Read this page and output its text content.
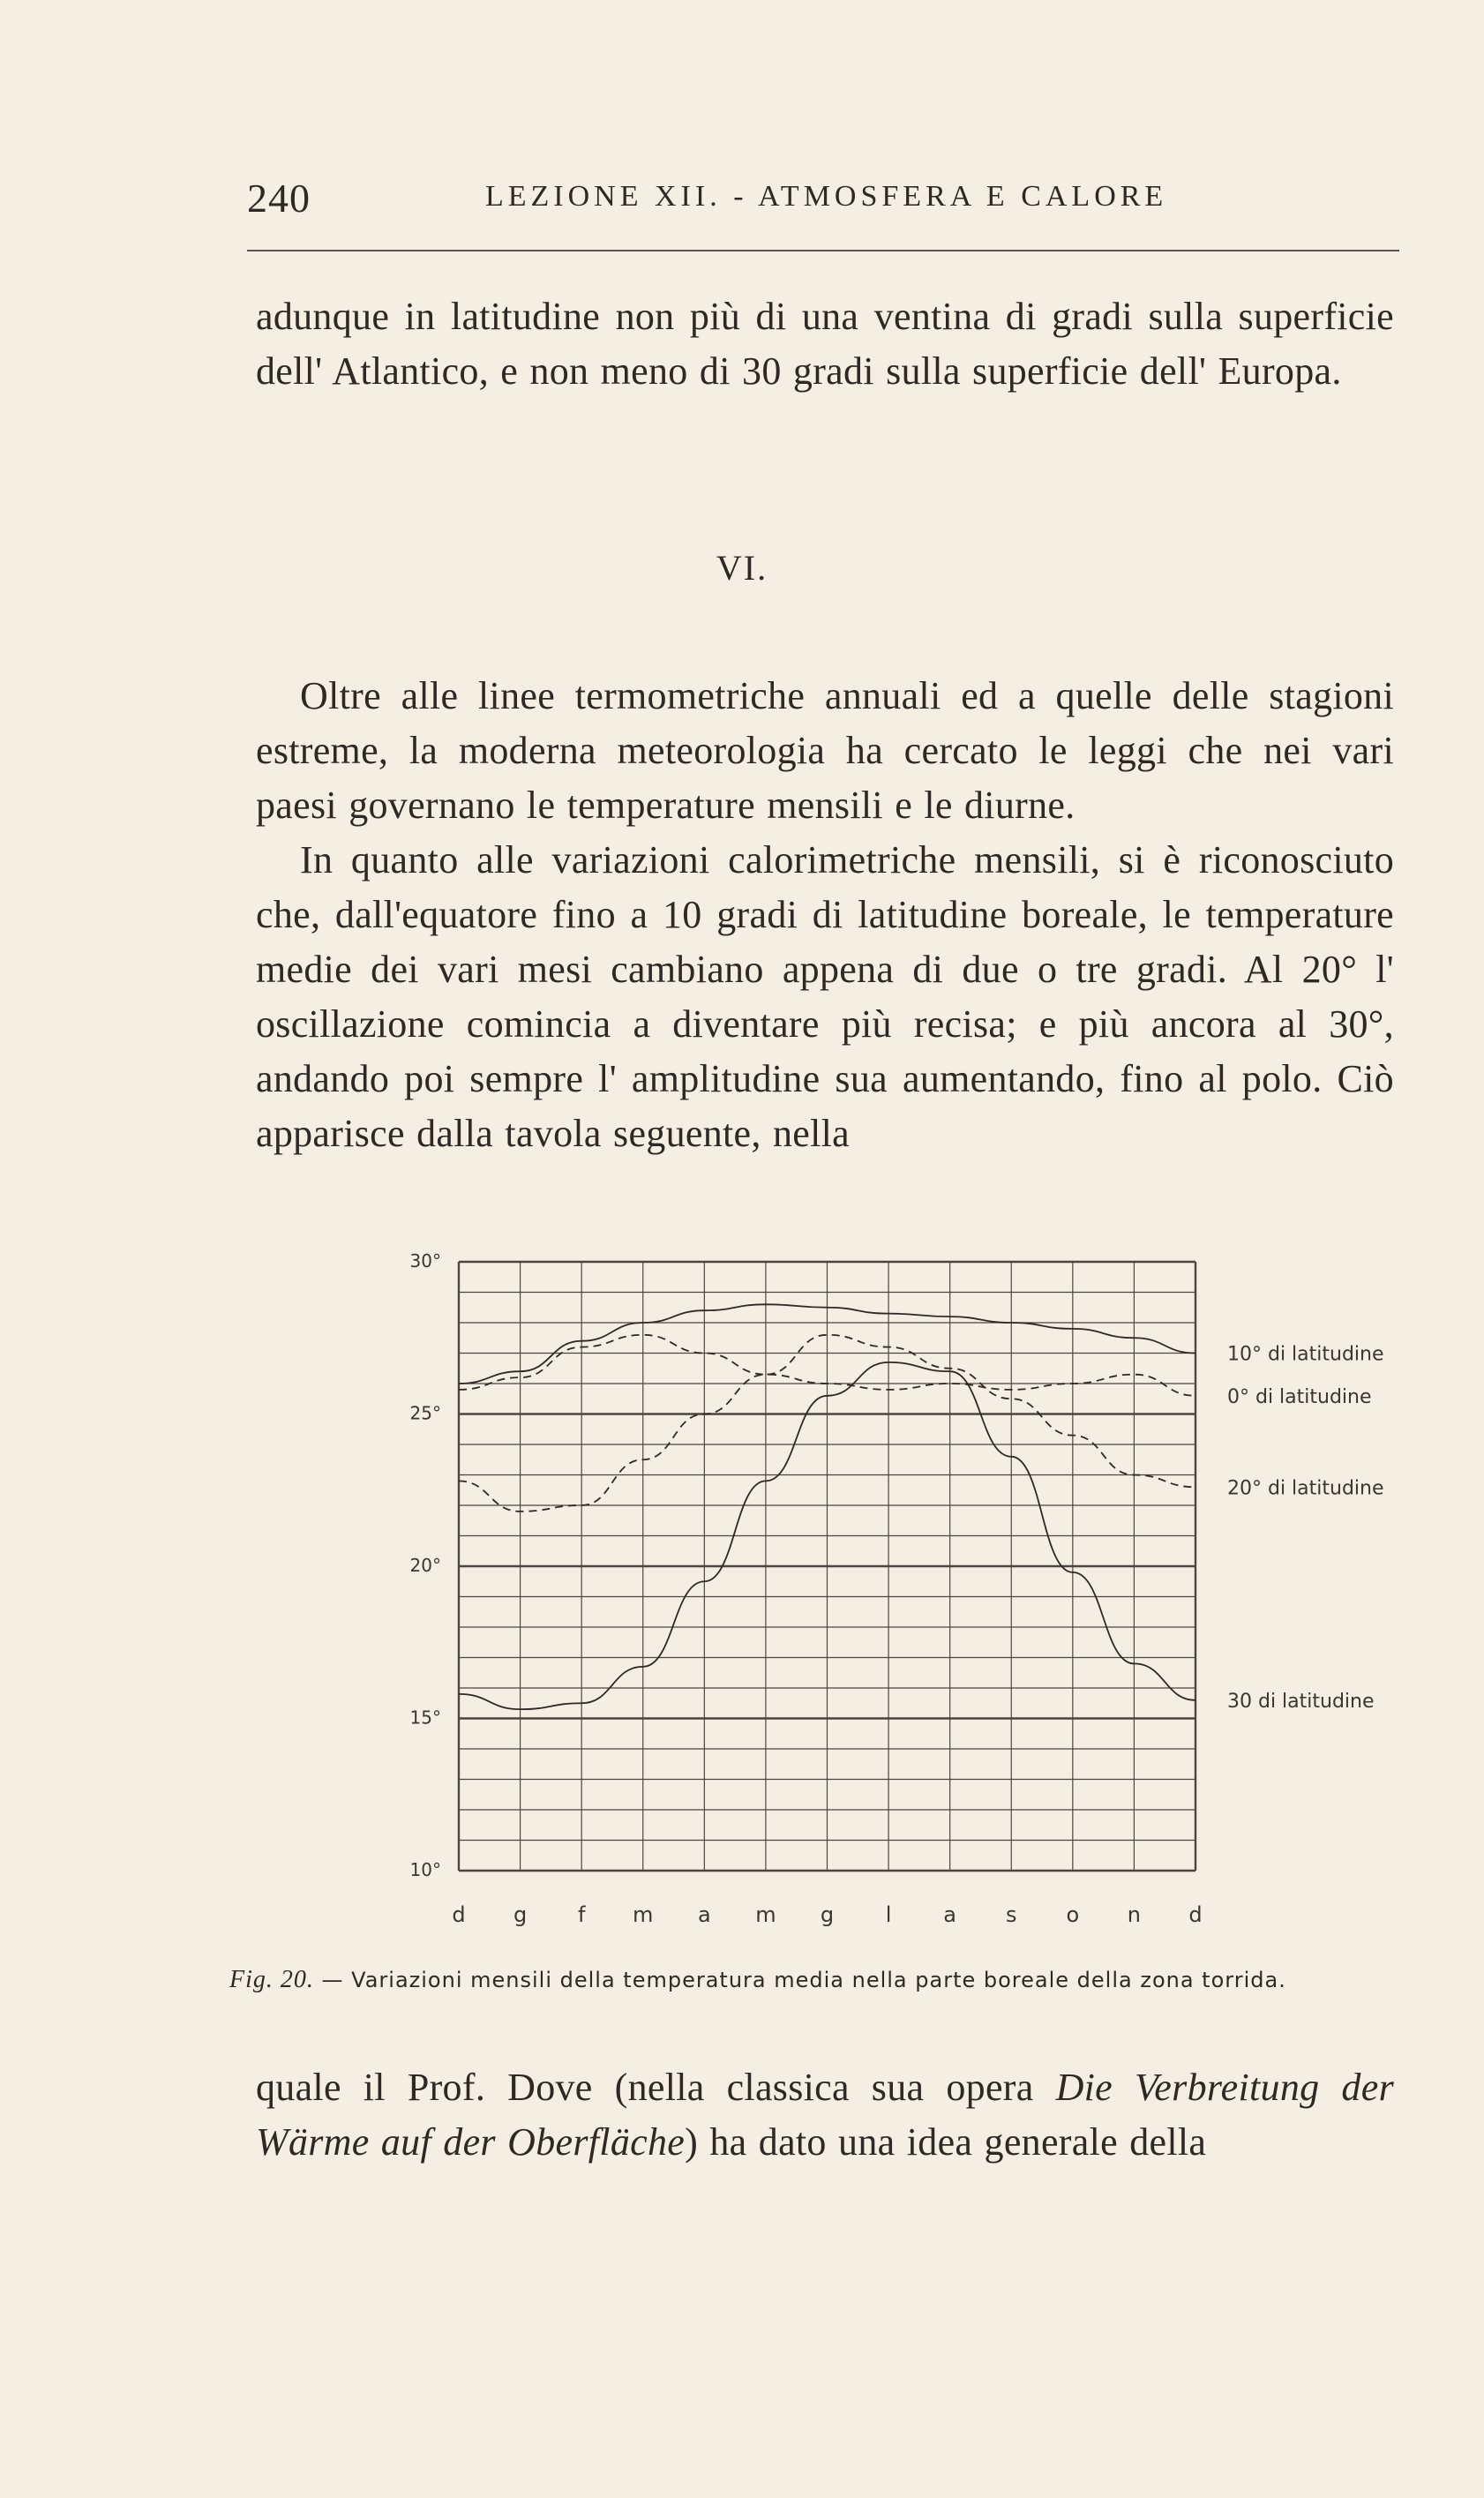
240	LEZIONE XII. - ATMOSFERA E CALORE
adunque in latitudine non più di una ventina di gradi sulla superficie dell' Atlantico, e non meno di 30 gradi sulla superficie dell' Europa.
VI.
Oltre alle linee termometriche annuali ed a quelle delle stagioni estreme, la moderna meteorologia ha cercato le leggi che nei vari paesi governano le temperature mensili e le diurne.
In quanto alle variazioni calorimetriche mensili, si è riconosciuto che, dall'equatore fino a 10 gradi di latitudine boreale, le temperature medie dei vari mesi cambiano appena di due o tre gradi. Al 20° l' oscillazione comincia a diventare più recisa; e più ancora al 30°, andando poi sempre l' amplitudine sua aumentando, fino al polo. Ciò apparisce dalla tavola seguente, nella
30°
25°
20°
15°
10°
d g f m a m g l a s o n d
10° di latitudine
0° di latitudine
20° di latitudine
30 di latitudine
Fig. 20. — Variazioni mensili della temperatura media nella parte boreale della zona torrida.
quale il Prof. Dove (nella classica sua opera Die Verbreitung der Wärme auf der Oberfläche) ha dato una idea generale della
